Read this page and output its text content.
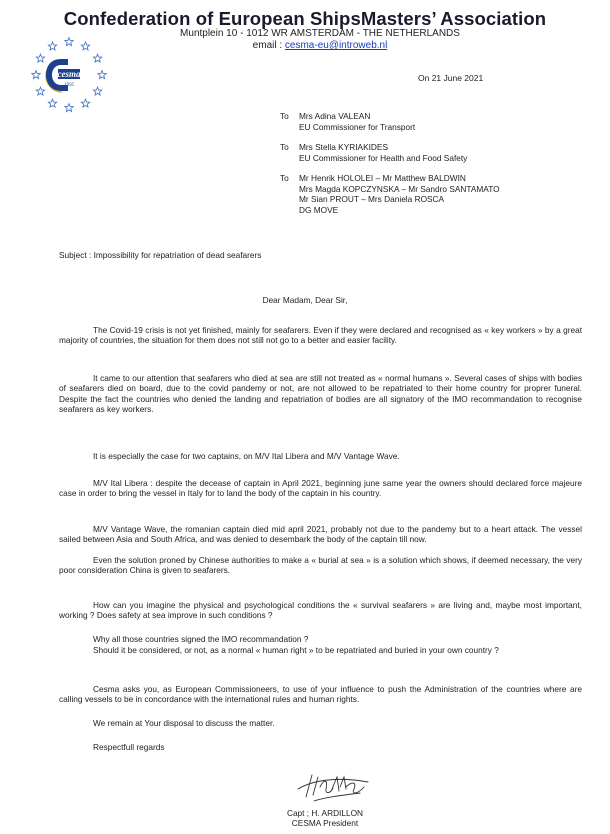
Confederation of European ShipsMasters’ Association
Muntplein 10 - 1012 WR AMSTERDAM - THE NETHERLANDS
email : cesma-eu@introweb.nl
cesma
1995
On 21 June 2021
To	Mrs Adina VALEAN
EU Commissioner for Transport
To	Mrs Stella KYRIAKIDES
EU Commissioner for Health and Food Safety
To	Mr Henrik HOLOLEI – Mr Matthew BALDWIN
Mrs Magda KOPCZYNSKA – Mr Sandro SANTAMATO
Mr Sian PROUT – Mrs Daniela ROSCA
DG MOVE
Subject : Impossibility for repatriation of dead seafarers
Dear Madam, Dear Sir,
The Covid-19 crisis is not yet finished, mainly for seafarers. Even if they were declared and recognised as « key workers » by a great majority of countries, the situation for them does not still not go to a better and easier facility.
It came to our attention that seafarers who died at sea are still not treated as « normal humans ». Several cases of ships with bodies of seafarers died on board, due to the covid pandemy or not, are not allowed to be repatriated to their home country for proprer funeral. Despite the fact the countries who denied the landing and repatriation of bodies are all signatory of the IMO recommandation to recognise seafarers as key workers.
It is especially the case for two captains, on M/V Ital Libera and M/V Vantage Wave.
M/V Ital Libera : despite the decease of captain in April 2021, beginning june same year the owners should declared force majeure case in order to bring the vessel in Italy for to land the body of the captain in his country.
M/V Vantage Wave, the romanian captain died mid april 2021, probably not due to the pandemy but to a heart attack. The vessel sailed between Asia and South Africa, and was denied to desembark the body of the captain till now.
Even the solution proned by Chinese authorities to make a « burial at sea » is a solution which shows, if deemed necessary, the very poor consideration China is given to seafarers.
How can you imagine the physical and psychological conditions the « survival seafarers » are living and, maybe most important, working ? Does safety at sea improve in such conditions ?
Why all those countries signed the IMO recommandation ?
Should it be considered, or not, as a normal « human right » to be repatriated and buried in your own country ?
Cesma asks you, as European Commissioneers, to use of your influence to push the Administration of the countries where are calling vessels to be in concordance with the international rules and human rights.
We remain at Your disposal to discuss the matter.
Respectfull regards
Capt ; H. ARDILLON
CESMA President
